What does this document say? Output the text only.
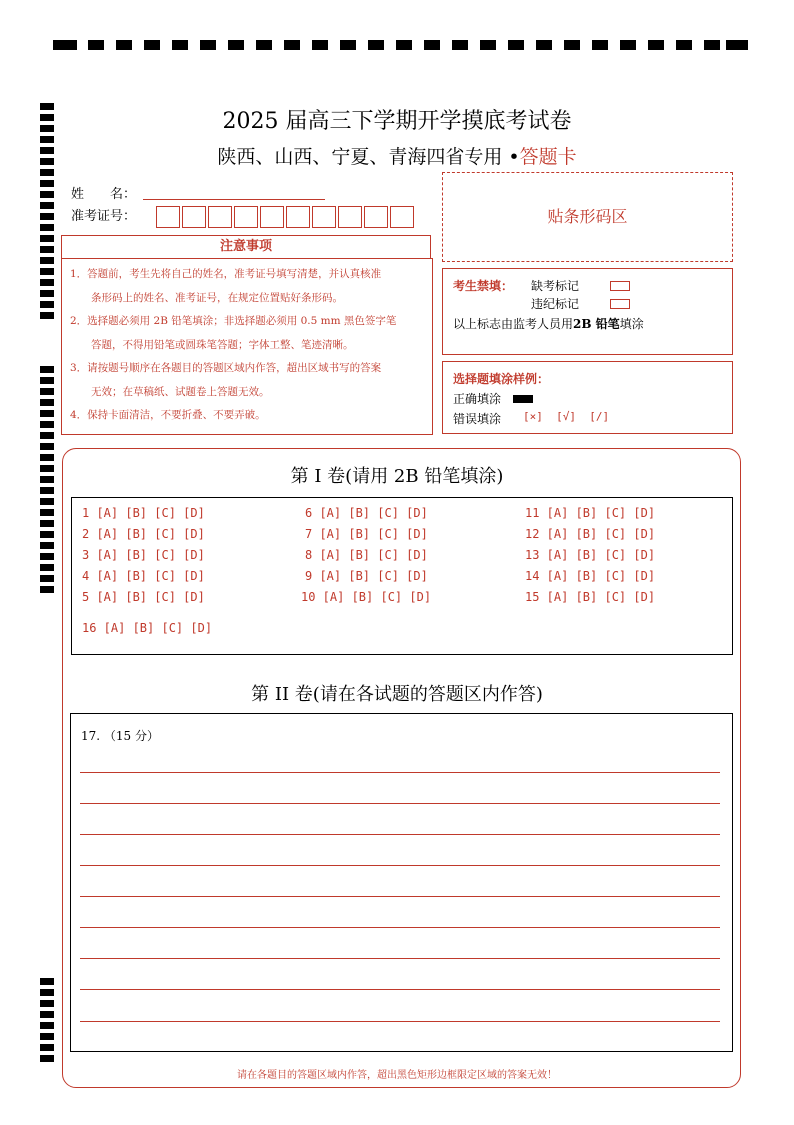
2025 届高三下学期开学摸底考试卷
陕西、山西、宁夏、青海四省专用 •答题卡
姓　　名：
准考证号：	贴条形码区
注意事项

1．答题前，考生先将自己的姓名，准考证号填写清楚，并认真核准

　　条形码上的姓名、准考证号，在规定位置贴好条形码。

2．选择题必须用 2B 铅笔填涂；非选择题必须用 0.5 mm 黑色签字笔

　　答题，不得用铅笔或圆珠笔答题；字体工整、笔迹清晰。

3．请按题号顺序在各题目的答题区域内作答，超出区域书写的答案

　　无效；在草稿纸、试题卷上答题无效。

4．保持卡面清洁，不要折叠、不要弄破。

考生禁填： 缺考标记
违纪标记
以上标志由监考人员用2B 铅笔填涂
选择题填涂样例：
正确填涂
错误填涂 [×]  [√]  [/]
第 I 卷(请用 2B 铅笔填涂)
1 [A] [B] [C] [D]
2 [A] [B] [C] [D]
3 [A] [B] [C] [D]
4 [A] [B] [C] [D]
5 [A] [B] [C] [D]
6 [A] [B] [C] [D]
7 [A] [B] [C] [D]
8 [A] [B] [C] [D]
9 [A] [B] [C] [D]
10 [A] [B] [C] [D]
11 [A] [B] [C] [D]
12 [A] [B] [C] [D]
13 [A] [B] [C] [D]
14 [A] [B] [C] [D]
15 [A] [B] [C] [D]
16 [A] [B] [C] [D]
第 II 卷(请在各试题的答题区内作答)
17. （15 分）
请在各题目的答题区域内作答，超出黑色矩形边框限定区域的答案无效！
